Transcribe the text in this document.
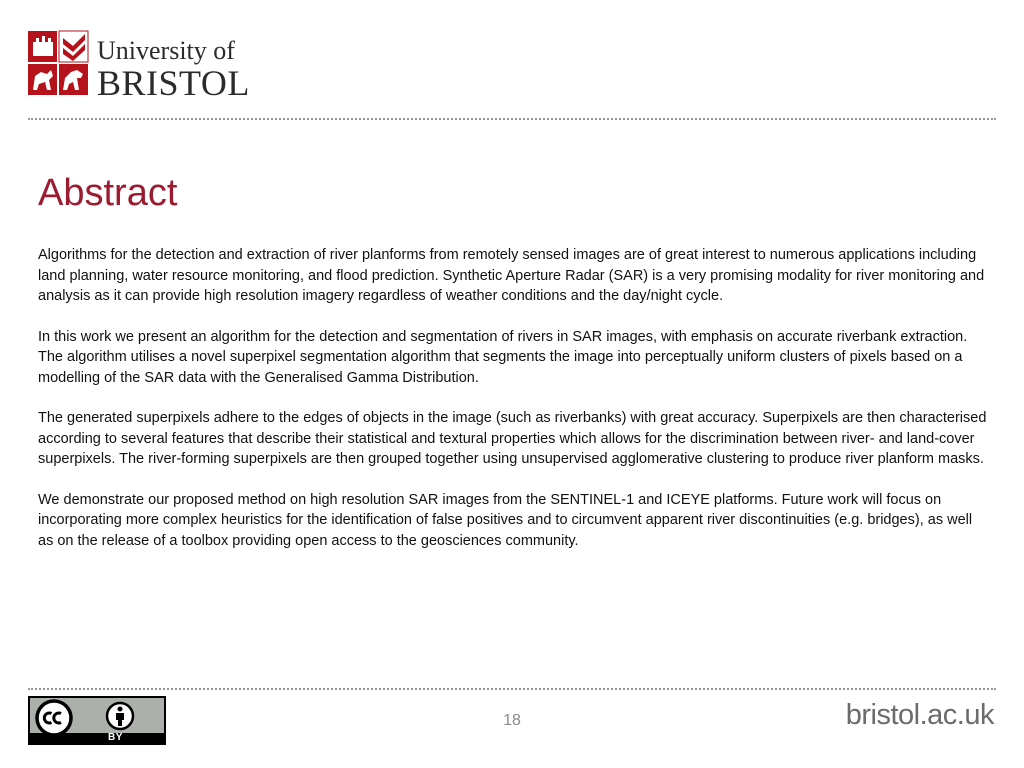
University of
BRISTOL
Abstract

Algorithms for the detection and extraction of river planforms from remotely sensed images are of great interest to numerous applications including land planning, water resource monitoring, and flood prediction. Synthetic Aperture Radar (SAR) is a very promising modality for river monitoring and analysis as it can provide high resolution imagery regardless of weather conditions and the day/night cycle.

In this work we present an algorithm for the detection and segmentation of rivers in SAR images, with emphasis on accurate riverbank extraction. The algorithm utilises a novel superpixel segmentation algorithm that segments the image into perceptually uniform clusters of pixels based on a modelling of the SAR data with the Generalised Gamma Distribution.

The generated superpixels adhere to the edges of objects in the image (such as riverbanks) with great accuracy. Superpixels are then characterised according to several features that describe their statistical and textural properties which allows for the discrimination between river- and land-cover superpixels. The river-forming superpixels are then grouped together using unsupervised agglomerative clustering to produce river planform masks.

We demonstrate our proposed method on high resolution SAR images from the SENTINEL-1 and ICEYE platforms. Future work will focus on incorporating more complex heuristics for the identification of false positives and to circumvent apparent river discontinuities (e.g. bridges), as well as on the release of a toolbox providing open access to the geosciences community.

BY
18	bristol.ac.uk
